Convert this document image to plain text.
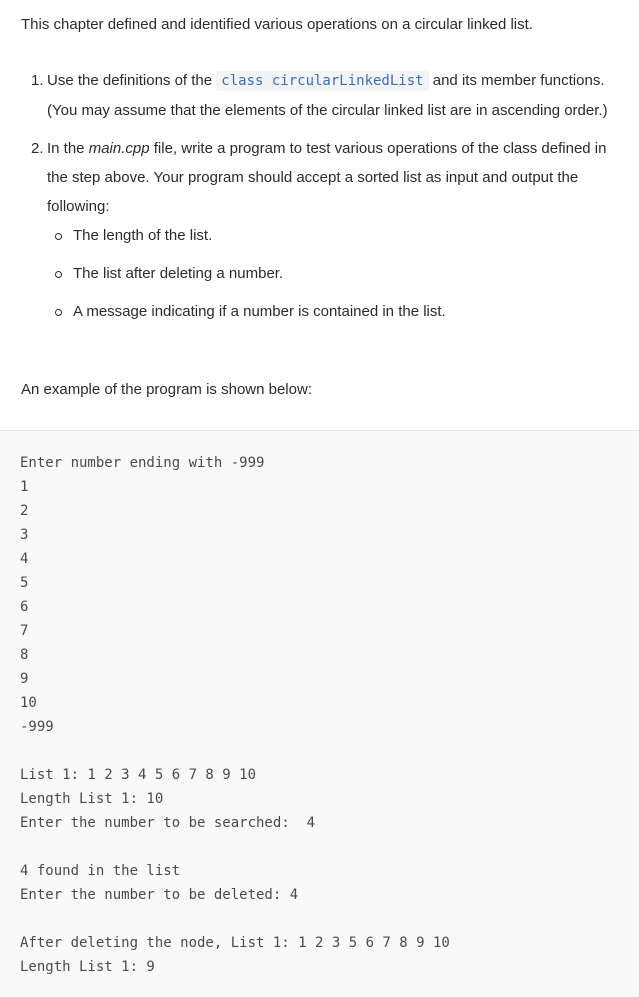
This chapter defined and identified various operations on a circular linked list.

1. Use the definitions of the class circularLinkedList and its member functions. (You may assume that the elements of the circular linked list are in ascending order.)
2. In the main.cpp file, write a program to test various operations of the class defined in the step above. Your program should accept a sorted list as input and output the following:
The length of the list.
The list after deleting a number.
A message indicating if a number is contained in the list.

An example of the program is shown below:

Enter number ending with -999
1
2
3
4
5
6
7
8
9
10
-999
List 1: 1 2 3 4 5 6 7 8 9 10
Length List 1: 10
Enter the number to be searched:  4
4 found in the list
Enter the number to be deleted: 4
After deleting the node, List 1: 1 2 3 5 6 7 8 9 10
Length List 1: 9
